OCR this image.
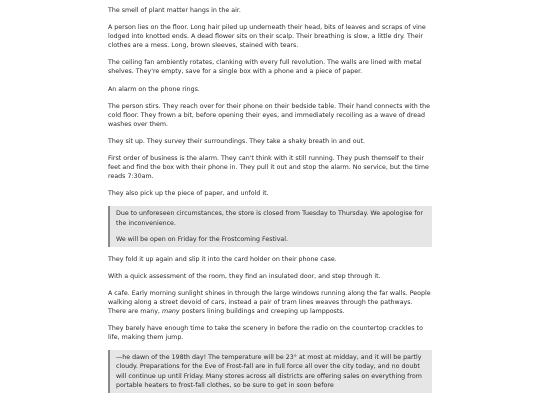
The smell of plant matter hangs in the air.

A person lies on the floor. Long hair piled up underneath their head, bits of leaves and scraps of vine lodged into knotted ends. A dead flower sits on their scalp. Their breathing is slow, a little dry. Their clothes are a mess. Long, brown sleeves, stained with tears.

The ceiling fan ambiently rotates, clanking with every full revolution. The walls are lined with metal shelves. They're empty, save for a single box with a phone and a piece of paper.

An alarm on the phone rings.

The person stirs. They reach over for their phone on their bedside table. Their hand connects with the cold floor. They frown a bit, before opening their eyes, and immediately recoiling as a wave of dread washes over them.

They sit up. They survey their surroundings. They take a shaky breath in and out.

First order of business is the alarm. They can't think with it still running. They push themself to their feet and find the box with their phone in. They pull it out and stop the alarm. No service, but the time reads 7:30am.

They also pick up the piece of paper, and unfold it.

Due to unforeseen circumstances, the store is closed from Tuesday to Thursday. We apologise for the inconvenience.

We will be open on Friday for the Frostcoming Festival.

They fold it up again and slip it into the card holder on their phone case.

With a quick assessment of the room, they find an insulated door, and step through it.

A cafe. Early morning sunlight shines in through the large windows running along the far walls. People walking along a street devoid of cars, instead a pair of tram lines weaves through the pathways. There are many, many posters lining buildings and creeping up lampposts.

They barely have enough time to take the scenery in before the radio on the countertop crackles to life, making them jump.

—he dawn of the 198th day! The temperature will be 23° at most at midday, and it will be partly cloudy. Preparations for the Eve of Frost-fall are in full force all over the city today, and no doubt will continue up until Friday. Many stores across all districts are offering sales on everything from portable heaters to frost-fall clothes, so be sure to get in soon before
